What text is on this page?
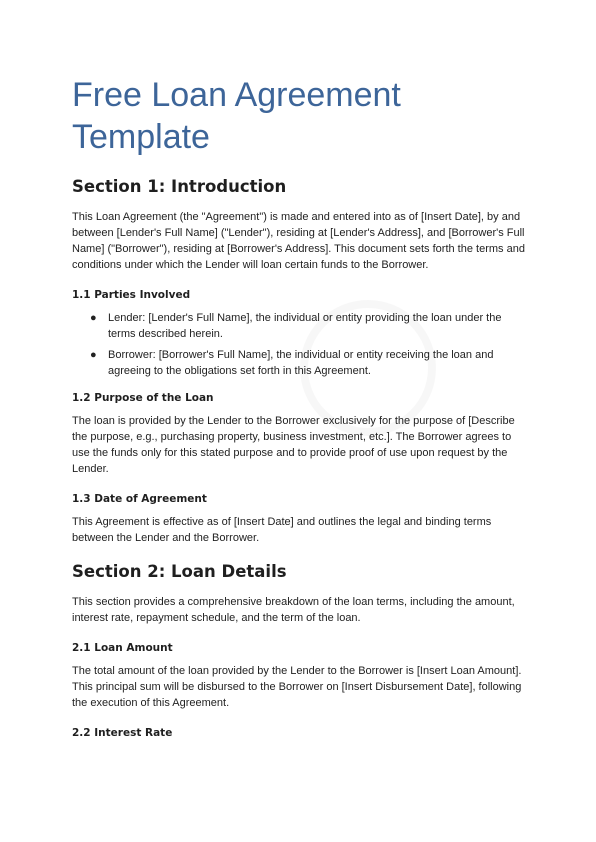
Free Loan Agreement Template
Section 1: Introduction

This Loan Agreement (the "Agreement") is made and entered into as of [Insert Date], by and between [Lender's Full Name] ("Lender"), residing at [Lender's Address], and [Borrower's Full Name] ("Borrower"), residing at [Borrower's Address]. This document sets forth the terms and conditions under which the Lender will loan certain funds to the Borrower.

1.1 Parties Involved
● Lender: [Lender's Full Name], the individual or entity providing the loan under the terms described herein.
● Borrower: [Borrower's Full Name], the individual or entity receiving the loan and agreeing to the obligations set forth in this Agreement.
1.2 Purpose of the Loan

The loan is provided by the Lender to the Borrower exclusively for the purpose of [Describe the purpose, e.g., purchasing property, business investment, etc.]. The Borrower agrees to use the funds only for this stated purpose and to provide proof of use upon request by the Lender.

1.3 Date of Agreement

This Agreement is effective as of [Insert Date] and outlines the legal and binding terms between the Lender and the Borrower.

Section 2: Loan Details

This section provides a comprehensive breakdown of the loan terms, including the amount, interest rate, repayment schedule, and the term of the loan.

2.1 Loan Amount

The total amount of the loan provided by the Lender to the Borrower is [Insert Loan Amount]. This principal sum will be disbursed to the Borrower on [Insert Disbursement Date], following the execution of this Agreement.

2.2 Interest Rate
